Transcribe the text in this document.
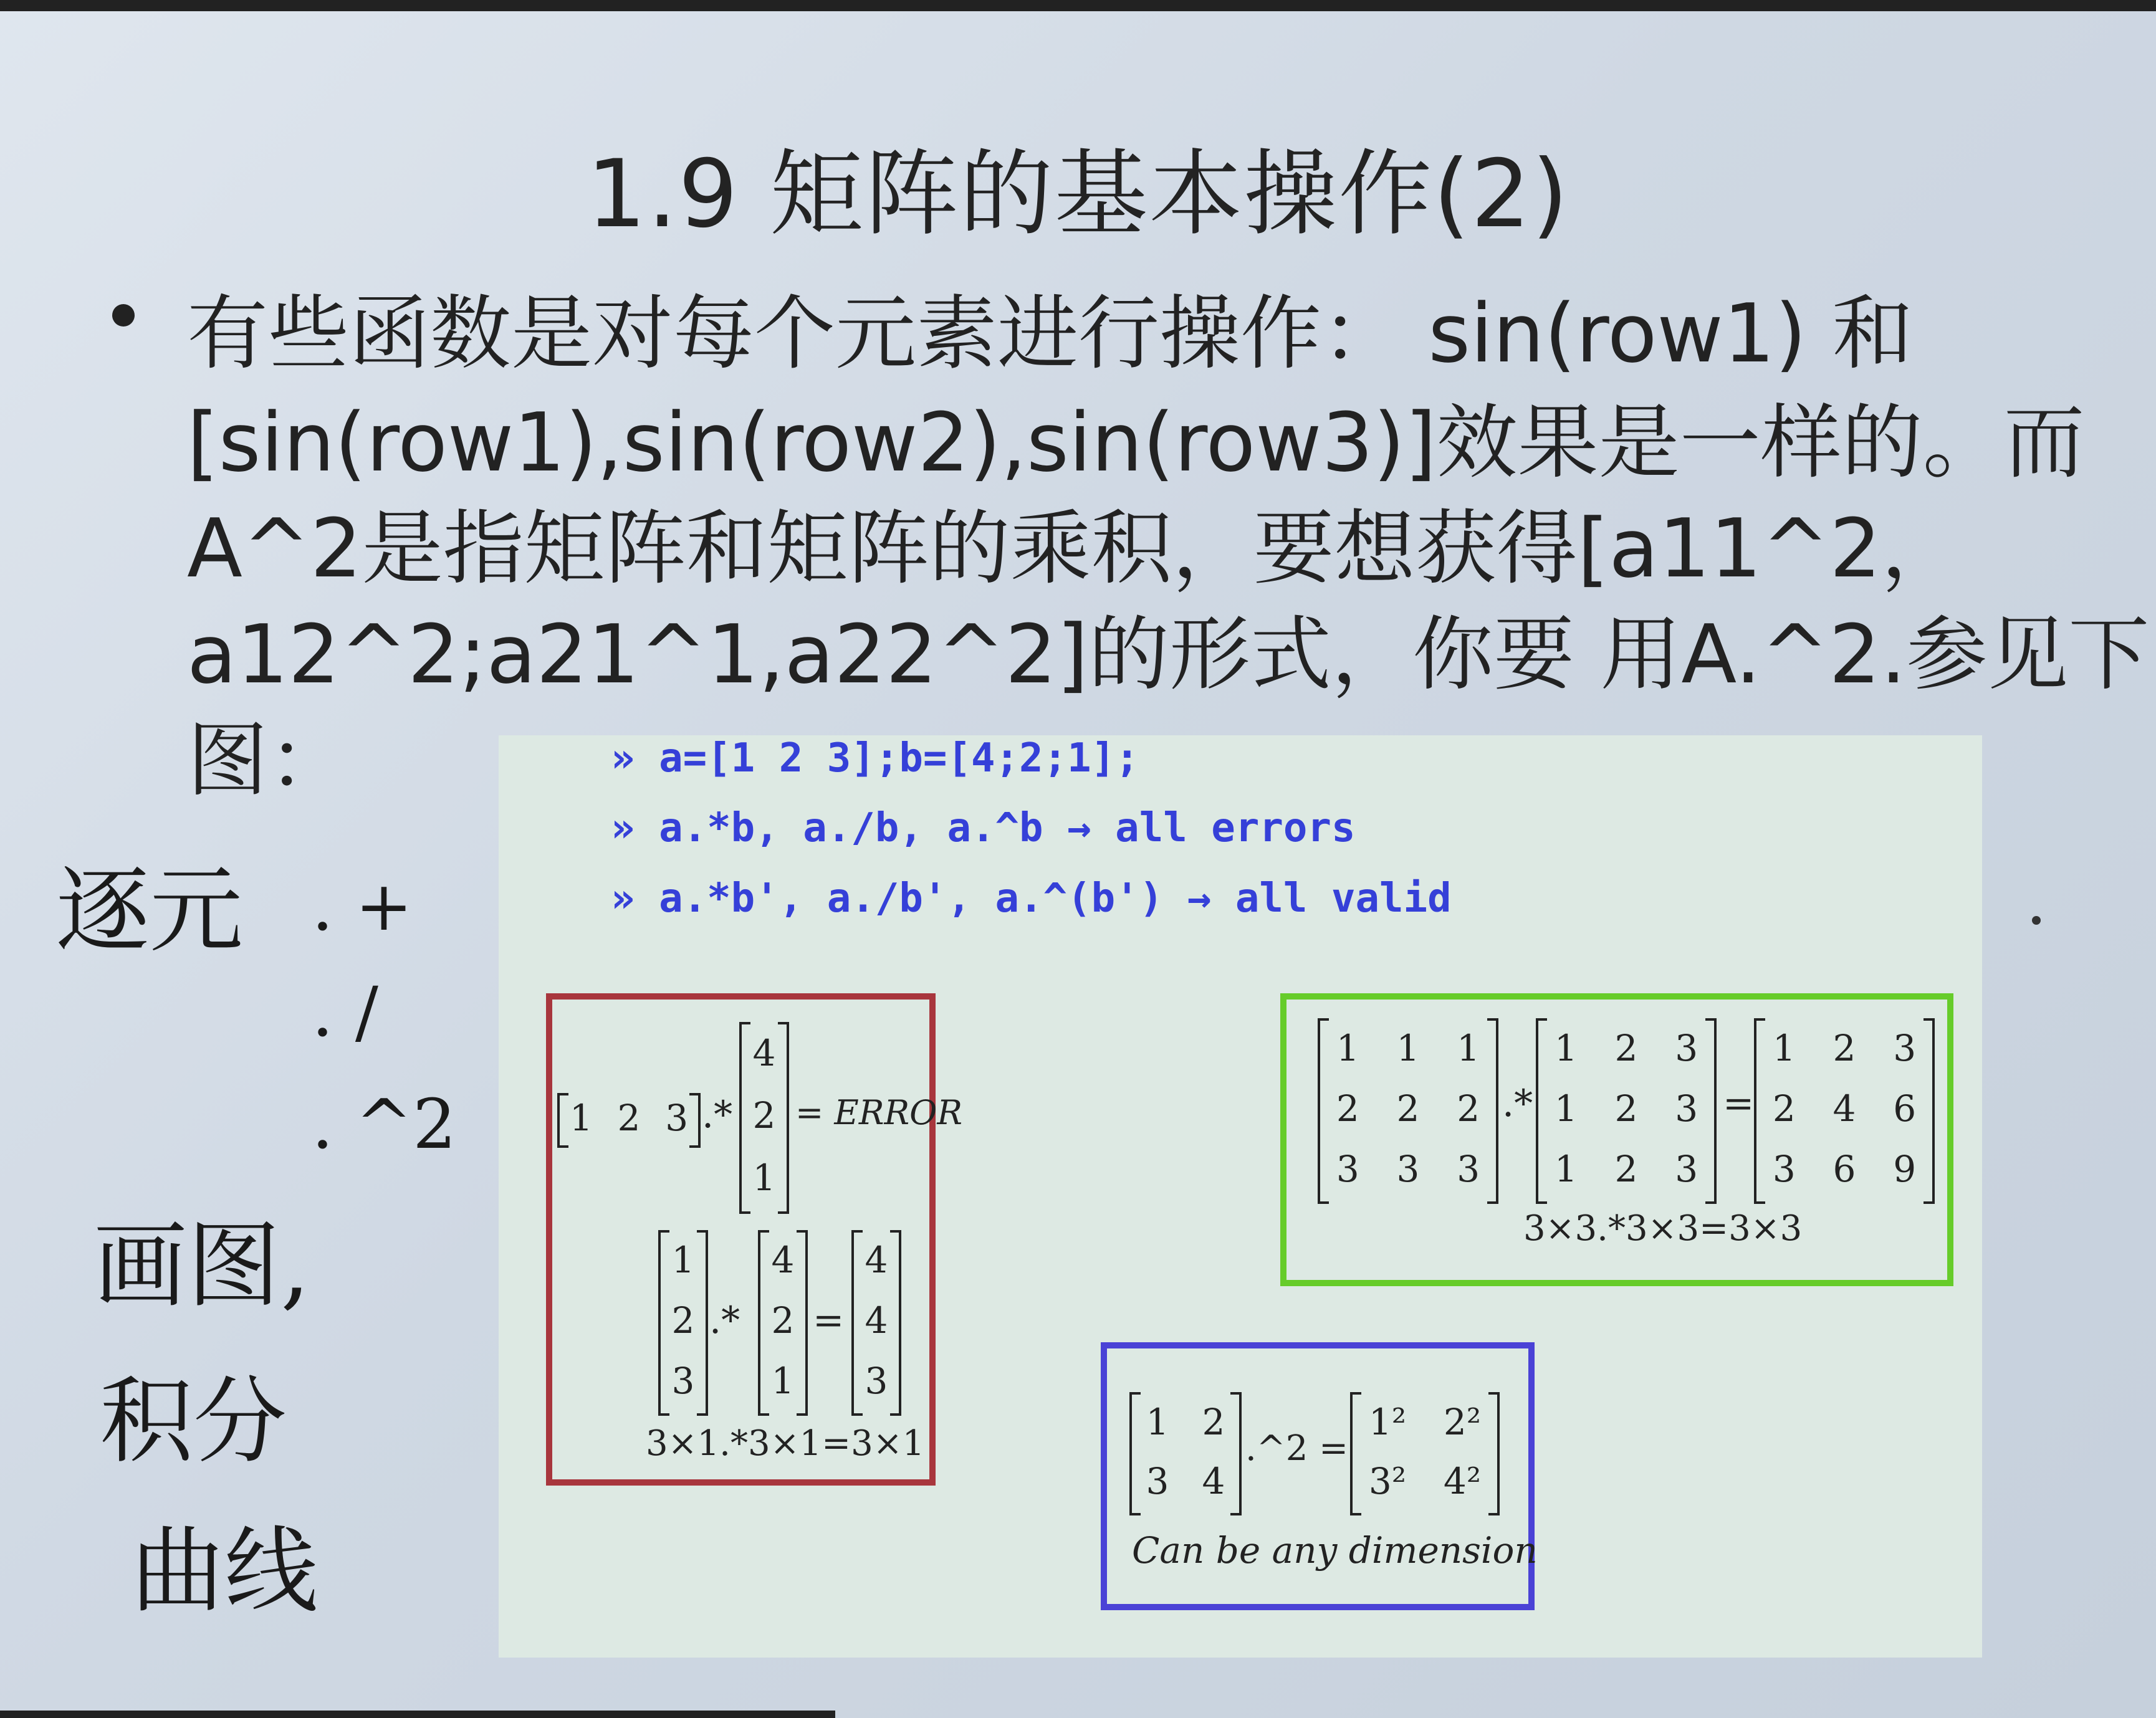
1.9 矩阵的基本操作(2)
有些函数是对每个元素进行操作： sin(row1) 和
[sin(row1),sin(row2),sin(row3)]效果是一样的。而
A^2是指矩阵和矩阵的乘积，要想获得[a11^2，
a12^2;a21^1,a22^2]的形式，你要 用A.^2.参见下
图：	» a=[1 2 3];b=[4;2;1];
» a.*b, a./b, a.^b → all errors
» a.*b', a./b', a.^(b') → all valid
1 2 3 .*
4
2
1
= ERROR
1
2
3
.*
4
2
1
=
4
4
3
3×1.*3×1=3×1
1 1 1
2 2 2
3 3 3
.*
1 2 3
1 2 3
1 2 3
=
1 2 3
2 4 6
3 6 9
3×3.*3×3=3×3
1 2
3 4
.^2 =
1² 2²
3² 4²
Can be any dimension
逐元 . +
. /
. ^2
画图,
积分
曲线
